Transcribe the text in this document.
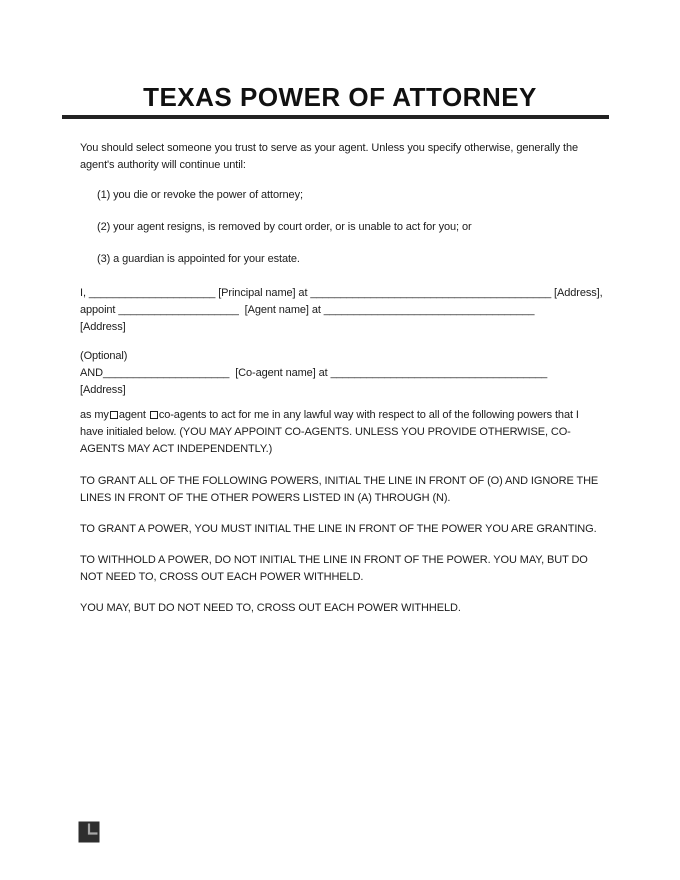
TEXAS POWER OF ATTORNEY

You should select someone you trust to serve as your agent. Unless you specify otherwise, generally the agent's authority will continue until:

(1) you die or revoke the power of attorney;
(2) your agent resigns, is removed by court order, or is unable to act for you; or
(3) a guardian is appointed for your estate.
I, _____________________ [Principal name] at ________________________________________ [Address],
appoint ____________________  [Agent name] at ___________________________________
[Address]
(Optional)
AND_____________________  [Co-agent name] at ____________________________________
[Address]

as my agent co-agents to act for me in any lawful way with respect to all of the following powers that I have initialed below. (YOU MAY APPOINT CO-AGENTS. UNLESS YOU PROVIDE OTHERWISE, CO-AGENTS MAY ACT INDEPENDENTLY.)

TO GRANT ALL OF THE FOLLOWING POWERS, INITIAL THE LINE IN FRONT OF (O) AND IGNORE THE LINES IN FRONT OF THE OTHER POWERS LISTED IN (A) THROUGH (N).

TO GRANT A POWER, YOU MUST INITIAL THE LINE IN FRONT OF THE POWER YOU ARE GRANTING.

TO WITHHOLD A POWER, DO NOT INITIAL THE LINE IN FRONT OF THE POWER. YOU MAY, BUT DO NOT NEED TO, CROSS OUT EACH POWER WITHHELD.

YOU MAY, BUT DO NOT NEED TO, CROSS OUT EACH POWER WITHHELD.
